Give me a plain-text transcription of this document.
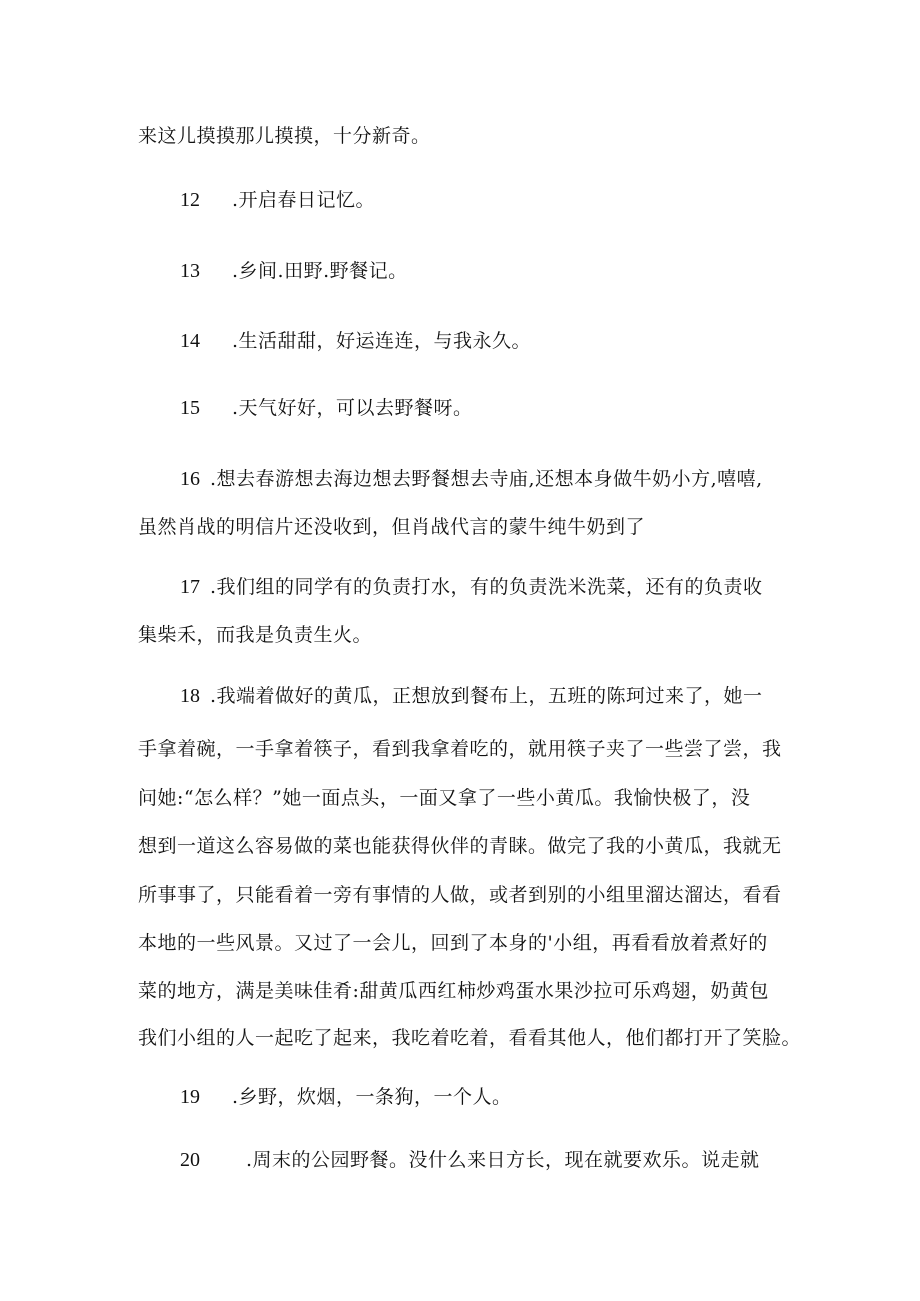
来这儿摸摸那儿摸摸，十分新奇。
12 .开启春日记忆。
13 .乡间.田野.野餐记。
14 .生活甜甜，好运连连，与我永久。
15 .天气好好，可以去野餐呀。
16 .想去春游想去海边想去野餐想去寺庙,还想本身做牛奶小方,嘻嘻,
虽然肖战的明信片还没收到，但肖战代言的蒙牛纯牛奶到了
17 .我们组的同学有的负责打水，有的负责洗米洗菜，还有的负责收
集柴禾，而我是负责生火。
18 .我端着做好的黄瓜，正想放到餐布上，五班的陈珂过来了，她一
手拿着碗，一手拿着筷子，看到我拿着吃的，就用筷子夹了一些尝了尝，我
问她:“怎么样？”她一面点头，一面又拿了一些小黄瓜。我愉快极了，没
想到一道这么容易做的菜也能获得伙伴的青睐。做完了我的小黄瓜，我就无
所事事了，只能看着一旁有事情的人做，或者到别的小组里溜达溜达，看看
本地的一些风景。又过了一会儿，回到了本身的'小组，再看看放着煮好的
菜的地方，满是美味佳肴:甜黄瓜西红柿炒鸡蛋水果沙拉可乐鸡翅，奶黄包
我们小组的人一起吃了起来，我吃着吃着，看看其他人，他们都打开了笑脸。
19 .乡野，炊烟，一条狗，一个人。
20 .周末的公园野餐。没什么来日方长，现在就要欢乐。说走就
